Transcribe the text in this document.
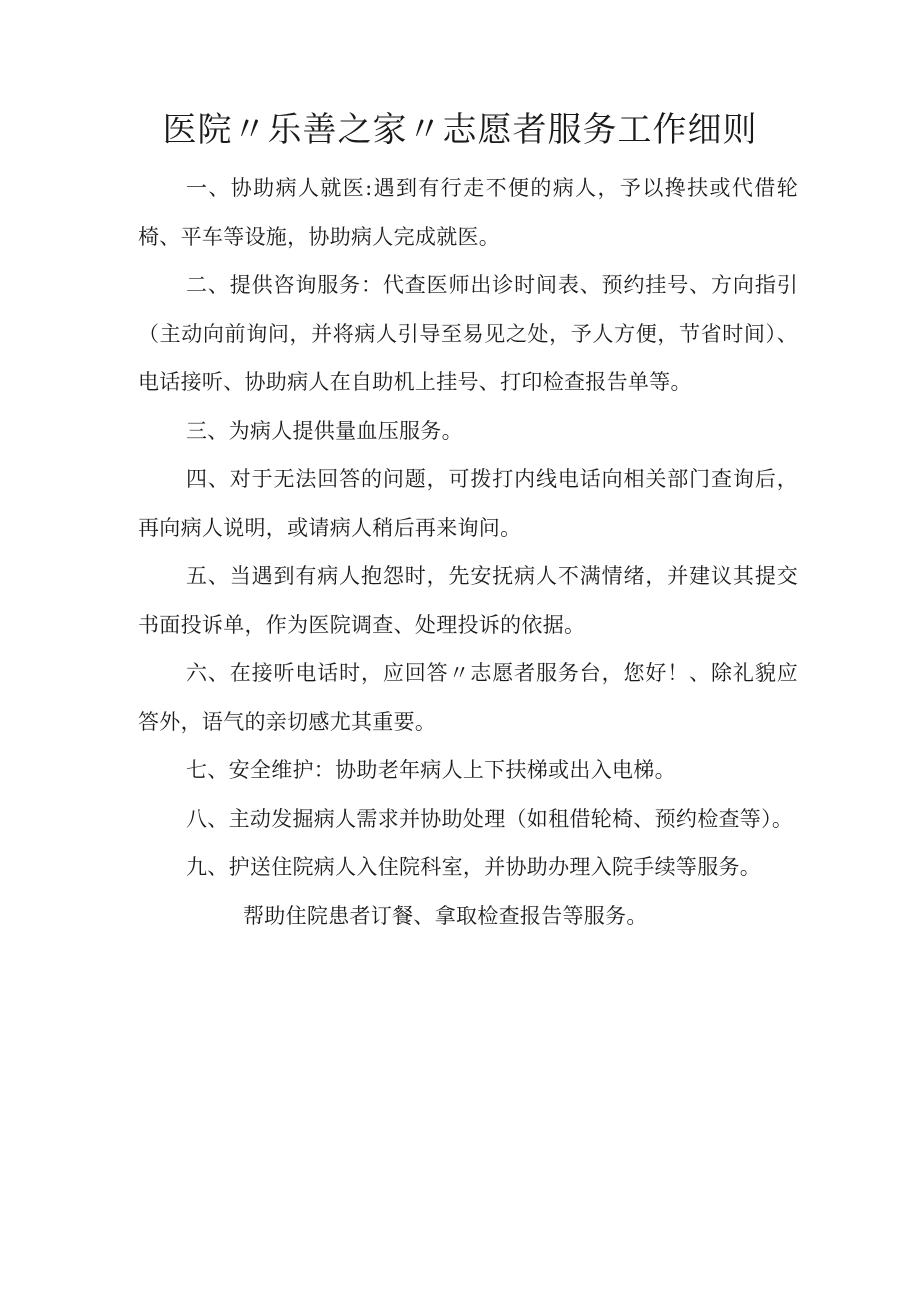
医院〃乐善之家〃志愿者服务工作细则

一、协助病人就医:遇到有行走不便的病人，予以搀扶或代借轮椅、平车等设施，协助病人完成就医。

二、提供咨询服务：代查医师出诊时间表、预约挂号、方向指引（主动向前询问，并将病人引导至易见之处，予人方便，节省时间）、电话接听、协助病人在自助机上挂号、打印检查报告单等。

三、为病人提供量血压服务。

四、对于无法回答的问题，可拨打内线电话向相关部门查询后，再向病人说明，或请病人稍后再来询问。

五、当遇到有病人抱怨时，先安抚病人不满情绪，并建议其提交书面投诉单，作为医院调查、处理投诉的依据。

六、在接听电话时，应回答〃志愿者服务台，您好！、除礼貌应答外，语气的亲切感尤其重要。

七、安全维护：协助老年病人上下扶梯或出入电梯。

八、主动发掘病人需求并协助处理（如租借轮椅、预约检查等）。

九、护送住院病人入住院科室，并协助办理入院手续等服务。

帮助住院患者订餐、拿取检查报告等服务。
